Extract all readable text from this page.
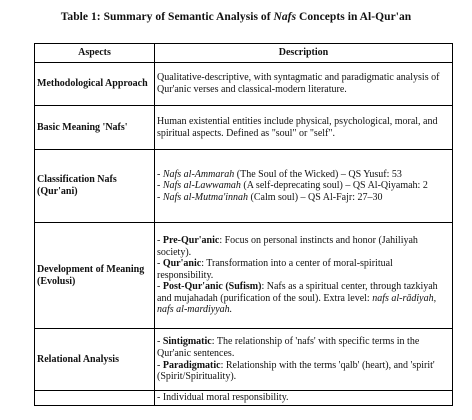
Table 1: Summary of Semantic Analysis of Nafs Concepts in Al-Qur'an
Aspects	Description
Methodological Approach	Qualitative-descriptive, with syntagmatic and paradigmatic analysis of Qur'anic verses and classical-modern literature.
Basic Meaning 'Nafs'	Human existential entities include physical, psychological, moral, and spiritual aspects. Defined as "soul" or "self".
Classification Nafs (Qur'ani)	- Nafs al-Ammarah (The Soul of the Wicked) – QS Yusuf: 53
- Nafs al-Lawwamah (A self-deprecating soul) – QS Al-Qiyamah: 2
- Nafs al-Mutma'innah (Calm soul) – QS Al-Fajr: 27–30

Development of Meaning (Evolusi)	- Pre-Qur'anic: Focus on personal instincts and honor (Jahiliyah society).
- Qur'anic: Transformation into a center of moral-spiritual responsibility.
- Post-Qur'anic (Sufism): Nafs as a spiritual center, through tazkiyah and mujahadah (purification of the soul). Extra level: nafs al-rādiyah, nafs al-mardiyyah.

Relational Analysis	- Sintigmatic: The relationship of 'nafs' with specific terms in the Qur'anic sentences.
- Paradigmatic: Relationship with the terms 'qalb' (heart), and 'spirit' (Spirit/Spirituality).

	- Individual moral responsibility.
